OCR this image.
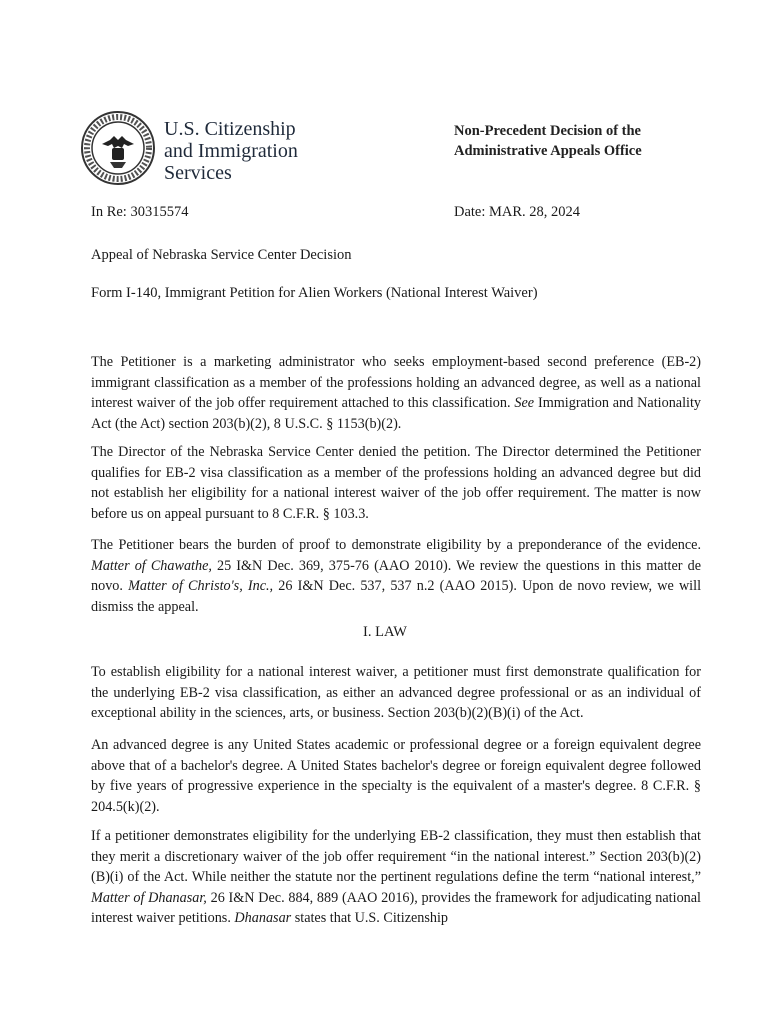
U.S. Citizenship
and Immigration
Services
Non-Precedent Decision of the
Administrative Appeals Office
In Re: 30315574	Date: MAR. 28, 2024
Appeal of Nebraska Service Center Decision
Form I-140, Immigrant Petition for Alien Workers (National Interest Waiver)
The Petitioner is a marketing administrator who seeks employment-based second preference (EB-2) immigrant classification as a member of the professions holding an advanced degree, as well as a national interest waiver of the job offer requirement attached to this classification. See Immigration and Nationality Act (the Act) section 203(b)(2), 8 U.S.C. § 1153(b)(2).
The Director of the Nebraska Service Center denied the petition. The Director determined the Petitioner qualifies for EB-2 visa classification as a member of the professions holding an advanced degree but did not establish her eligibility for a national interest waiver of the job offer requirement. The matter is now before us on appeal pursuant to 8 C.F.R. § 103.3.
The Petitioner bears the burden of proof to demonstrate eligibility by a preponderance of the evidence. Matter of Chawathe, 25 I&N Dec. 369, 375-76 (AAO 2010). We review the questions in this matter de novo. Matter of Christo's, Inc., 26 I&N Dec. 537, 537 n.2 (AAO 2015). Upon de novo review, we will dismiss the appeal.
I. LAW
To establish eligibility for a national interest waiver, a petitioner must first demonstrate qualification for the underlying EB-2 visa classification, as either an advanced degree professional or as an individual of exceptional ability in the sciences, arts, or business. Section 203(b)(2)(B)(i) of the Act.
An advanced degree is any United States academic or professional degree or a foreign equivalent degree above that of a bachelor's degree. A United States bachelor's degree or foreign equivalent degree followed by five years of progressive experience in the specialty is the equivalent of a master's degree. 8 C.F.R. § 204.5(k)(2).
If a petitioner demonstrates eligibility for the underlying EB-2 classification, they must then establish that they merit a discretionary waiver of the job offer requirement “in the national interest.” Section 203(b)(2)(B)(i) of the Act. While neither the statute nor the pertinent regulations define the term “national interest,” Matter of Dhanasar, 26 I&N Dec. 884, 889 (AAO 2016), provides the framework for adjudicating national interest waiver petitions. Dhanasar states that U.S. Citizenship
